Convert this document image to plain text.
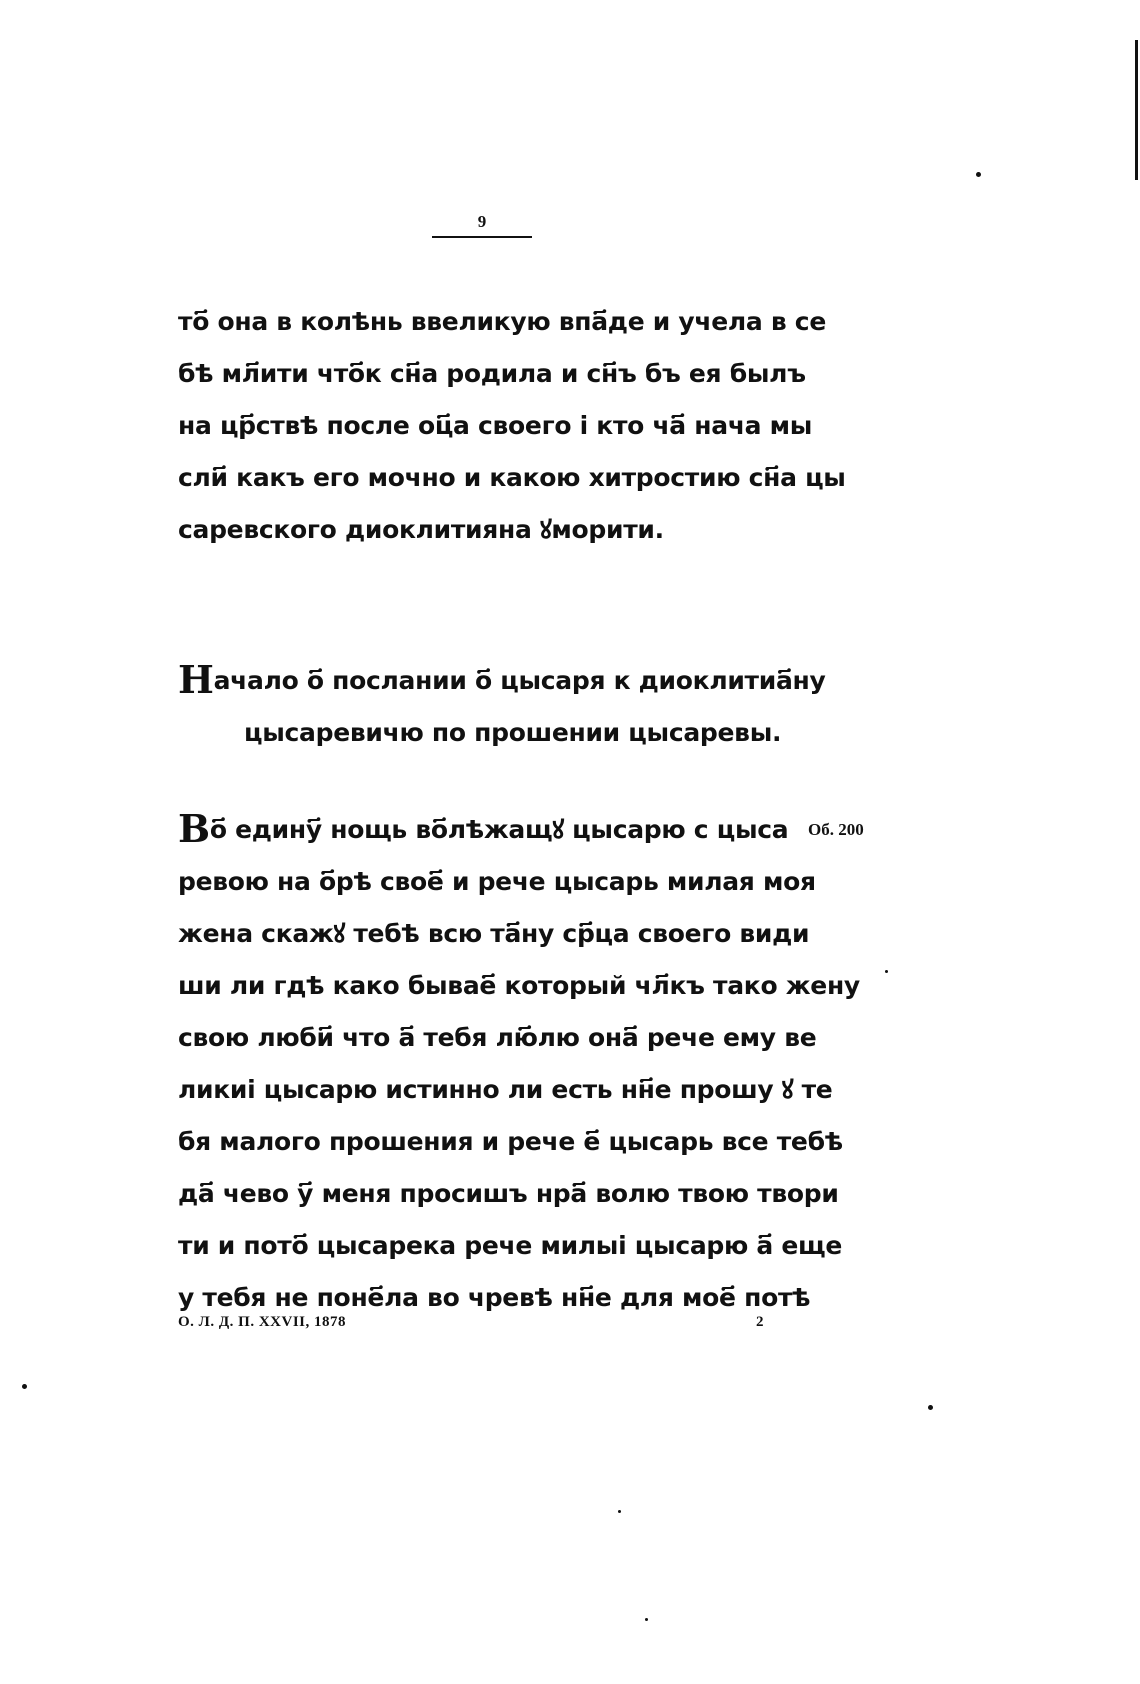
9
то҃ она в колѣнь ввеликую впа҃де и учела в се
бѣ мл҃ити что҃к сн҃а родила и сн҃ъ бъ ея былъ
на цр҃ствѣ после оц҃а своего і кто ча҃ нача мы
сли҃ какъ его мочно и какою хитростию сн҃а цы
саревского диоклитияна ꙋморити.
Начало о҃ послании о҃ цысаря к диоклитиа҃ну
цысаревичю по прошении цысаревы.
Во҃ едину҃ нощь во҃лѣжащꙋ цысарю с цыса
ревою на о҃рѣ свое҃ и рече цысарь милая моя
жена скажꙋ тебѣ всю та҃ну ср҃ца своего види
ши ли гдѣ како бывае҃ который чл҃къ тако жену
свою люби҃ что а҃ тебя лю҃лю она҃ рече ему ве
ликиі цысарю истинно ли есть нн҃е прошу ꙋ те
бя малого прошения и рече е҃ цысарь все тебѣ
да҃ чево у҃ меня просишъ нра҃ волю твою твори
ти и пото҃ цысарека рече милыі цысарю а҃ еще
у тебя не поне҃ла во чревѣ нн҃е для мое҃ потѣ
Об. 200
О. Л. Д. П. XXVII, 1878	2
